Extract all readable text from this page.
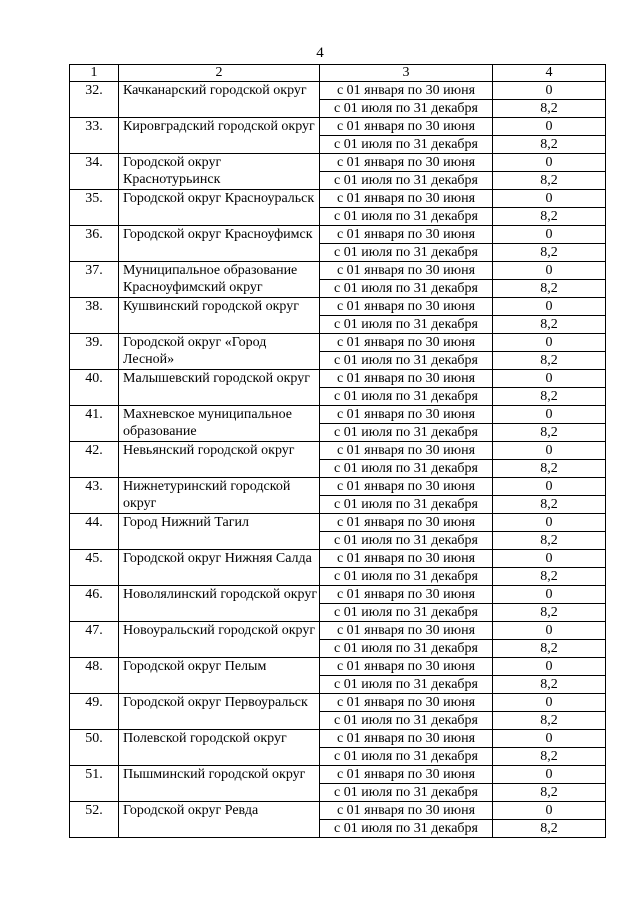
4
1	2	3	4
32.	Качканарский городской округ	с 01 января по 30 июня	0
		с 01 июля по 31 декабря	8,2
33.	Кировградский городской округ	с 01 января по 30 июня	0
		с 01 июля по 31 декабря	8,2
34.	Городской округ Краснотурьинск	с 01 января по 30 июня	0
		с 01 июля по 31 декабря	8,2
35.	Городской округ Красноуральск	с 01 января по 30 июня	0
		с 01 июля по 31 декабря	8,2
36.	Городской округ Красноуфимск	с 01 января по 30 июня	0
		с 01 июля по 31 декабря	8,2
37.	Муниципальное образование Красноуфимский округ	с 01 января по 30 июня	0
		с 01 июля по 31 декабря	8,2
38.	Кушвинский городской округ	с 01 января по 30 июня	0
		с 01 июля по 31 декабря	8,2
39.	Городской округ «Город Лесной»	с 01 января по 30 июня	0
		с 01 июля по 31 декабря	8,2
40.	Малышевский городской округ	с 01 января по 30 июня	0
		с 01 июля по 31 декабря	8,2
41.	Махневское муниципальное образование	с 01 января по 30 июня	0
		с 01 июля по 31 декабря	8,2
42.	Невьянский городской округ	с 01 января по 30 июня	0
		с 01 июля по 31 декабря	8,2
43.	Нижнетуринский городской округ	с 01 января по 30 июня	0
		с 01 июля по 31 декабря	8,2
44.	Город Нижний Тагил	с 01 января по 30 июня	0
		с 01 июля по 31 декабря	8,2
45.	Городской округ Нижняя Салда	с 01 января по 30 июня	0
		с 01 июля по 31 декабря	8,2
46.	Новолялинский городской округ	с 01 января по 30 июня	0
		с 01 июля по 31 декабря	8,2
47.	Новоуральский городской округ	с 01 января по 30 июня	0
		с 01 июля по 31 декабря	8,2
48.	Городской округ Пелым	с 01 января по 30 июня	0
		с 01 июля по 31 декабря	8,2
49.	Городской округ Первоуральск	с 01 января по 30 июня	0
		с 01 июля по 31 декабря	8,2
50.	Полевской городской округ	с 01 января по 30 июня	0
		с 01 июля по 31 декабря	8,2
51.	Пышминский городской округ	с 01 января по 30 июня	0
		с 01 июля по 31 декабря	8,2
52.	Городской округ Ревда	с 01 января по 30 июня	0
		с 01 июля по 31 декабря	8,2
